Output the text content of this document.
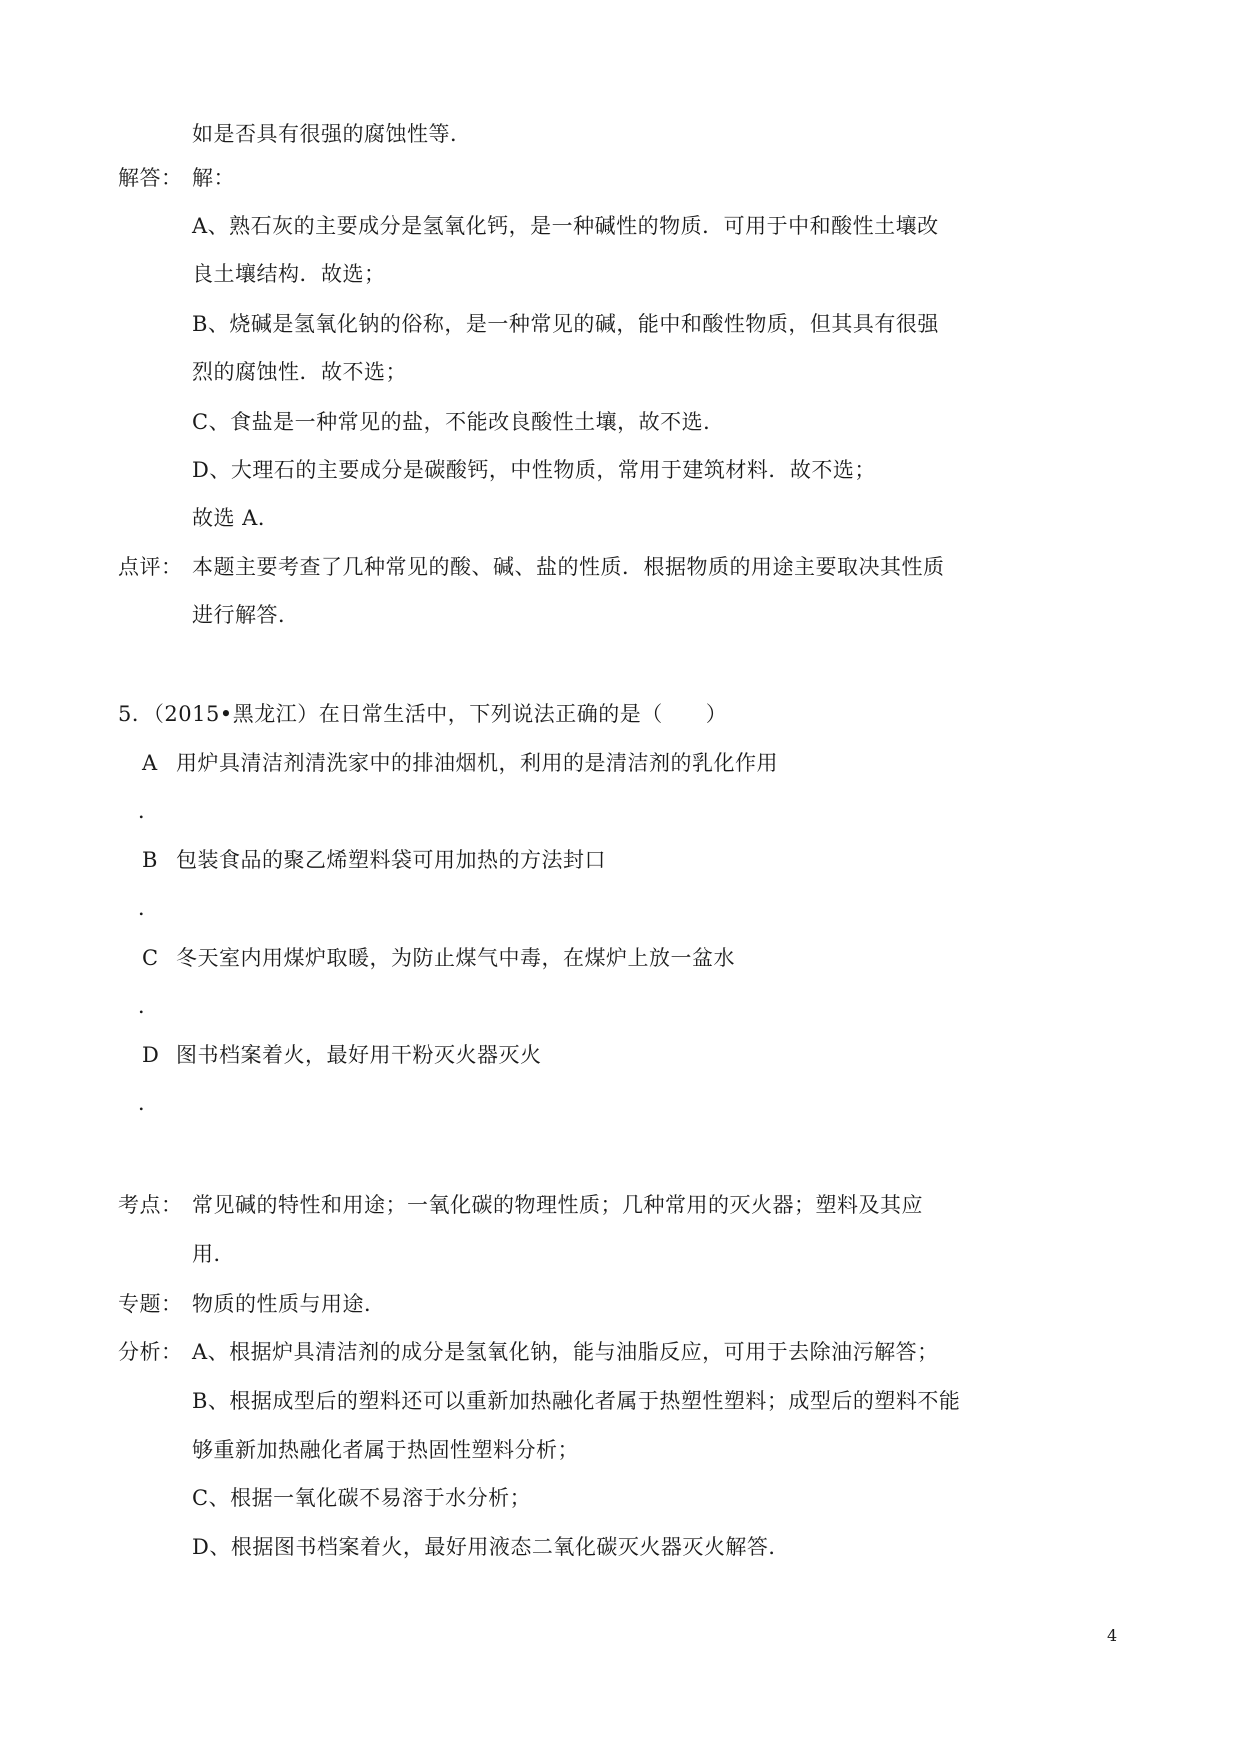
如是否具有很强的腐蚀性等．
解答： 解：
A、熟石灰的主要成分是氢氧化钙，是一种碱性的物质．可用于中和酸性土壤改
良土壤结构．故选；
B、烧碱是氢氧化钠的俗称，是一种常见的碱，能中和酸性物质，但其具有很强
烈的腐蚀性．故不选；
C、食盐是一种常见的盐，不能改良酸性土壤，故不选．
D、大理石的主要成分是碳酸钙，中性物质，常用于建筑材料．故不选；
故选 A．
点评： 本题主要考查了几种常见的酸、碱、盐的性质．根据物质的用途主要取决其性质
进行解答．
5．（2015•黑龙江）在日常生活中，下列说法正确的是（　　）
A 用炉具清洁剂清洗家中的排油烟机，利用的是清洁剂的乳化作用
．
B 包装食品的聚乙烯塑料袋可用加热的方法封口
．
C 冬天室内用煤炉取暖，为防止煤气中毒，在煤炉上放一盆水
．
D 图书档案着火，最好用干粉灭火器灭火
．
考点： 常见碱的特性和用途；一氧化碳的物理性质；几种常用的灭火器；塑料及其应
用．
专题： 物质的性质与用途．
分析： A、根据炉具清洁剂的成分是氢氧化钠，能与油脂反应，可用于去除油污解答；
B、根据成型后的塑料还可以重新加热融化者属于热塑性塑料；成型后的塑料不能
够重新加热融化者属于热固性塑料分析；
C、根据一氧化碳不易溶于水分析；
D、根据图书档案着火，最好用液态二氧化碳灭火器灭火解答．
4
